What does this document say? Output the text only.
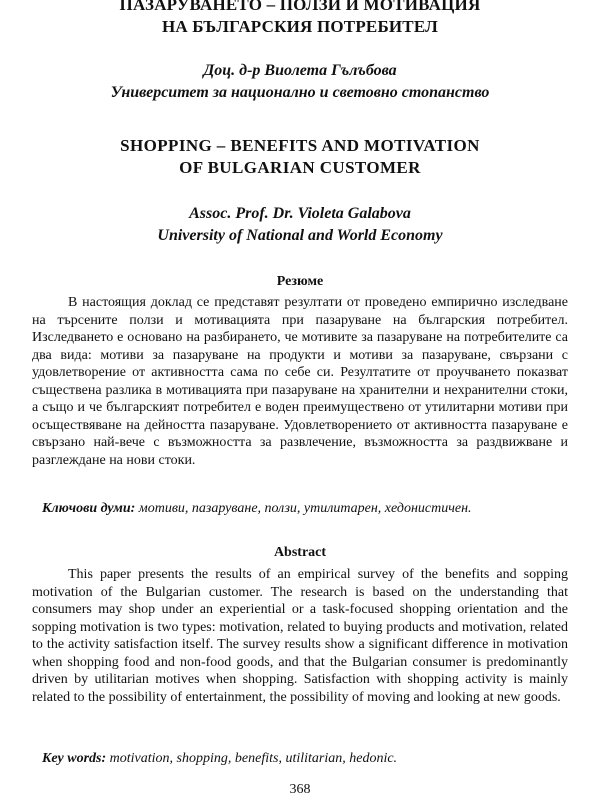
ПАЗАРУВАНЕТО – ПОЛЗИ И МОТИВАЦИЯ
НА БЪЛГАРСКИЯ ПОТРЕБИТЕЛ
Доц. д-р Виолета Гълъбова
Университет за национално и световно стопанство
SHOPPING – BENEFITS AND MOTIVATION
OF BULGARIAN CUSTOMER
Assoc. Prof. Dr. Violeta Galabova
University of National and World Economy
Резюме

В настоящия доклад се представят резултати от проведено емпирично изследване на търсените ползи и мотивацията при пазаруване на българския потребител. Изследването е основано на разбирането, че мотивите за пазаруване на потребителите са два вида: мотиви за пазаруване на продукти и мотиви за пазаруване, свързани с удовлетворение от активността сама по себе си. Резултатите от проучването показват съществена разлика в мотивацията при пазаруване на хранителни и нехранителни стоки, а също и че българският потребител е воден преимуществено от утилитарни мотиви при осъществяване на дейността пазаруване. Удовлетворението от активността пазаруване е свързано най-вече с възможността за развлечение, възможността за раздвижване и разглеждане на нови стоки.

Ключови думи: мотиви, пазаруване, ползи, утилитарен, хедонистичен.

Abstract

This paper presents the results of an empirical survey of the benefits and sopping motivation of the Bulgarian customer. The research is based on the understanding that consumers may shop under an experiential or a task-focused shopping orientation and the sopping motivation is two types: motivation, related to buying products and motivation, related to the activity satisfaction itself. The survey results show a significant difference in motivation when shopping food and non-food goods, and that the Bulgarian consumer is predominantly driven by utilitarian motives when shopping. Satisfaction with shopping activity is mainly related to the possibility of entertainment, the possibility of moving and looking at new goods.

Key words: motivation, shopping, benefits, utilitarian, hedonic.

368
